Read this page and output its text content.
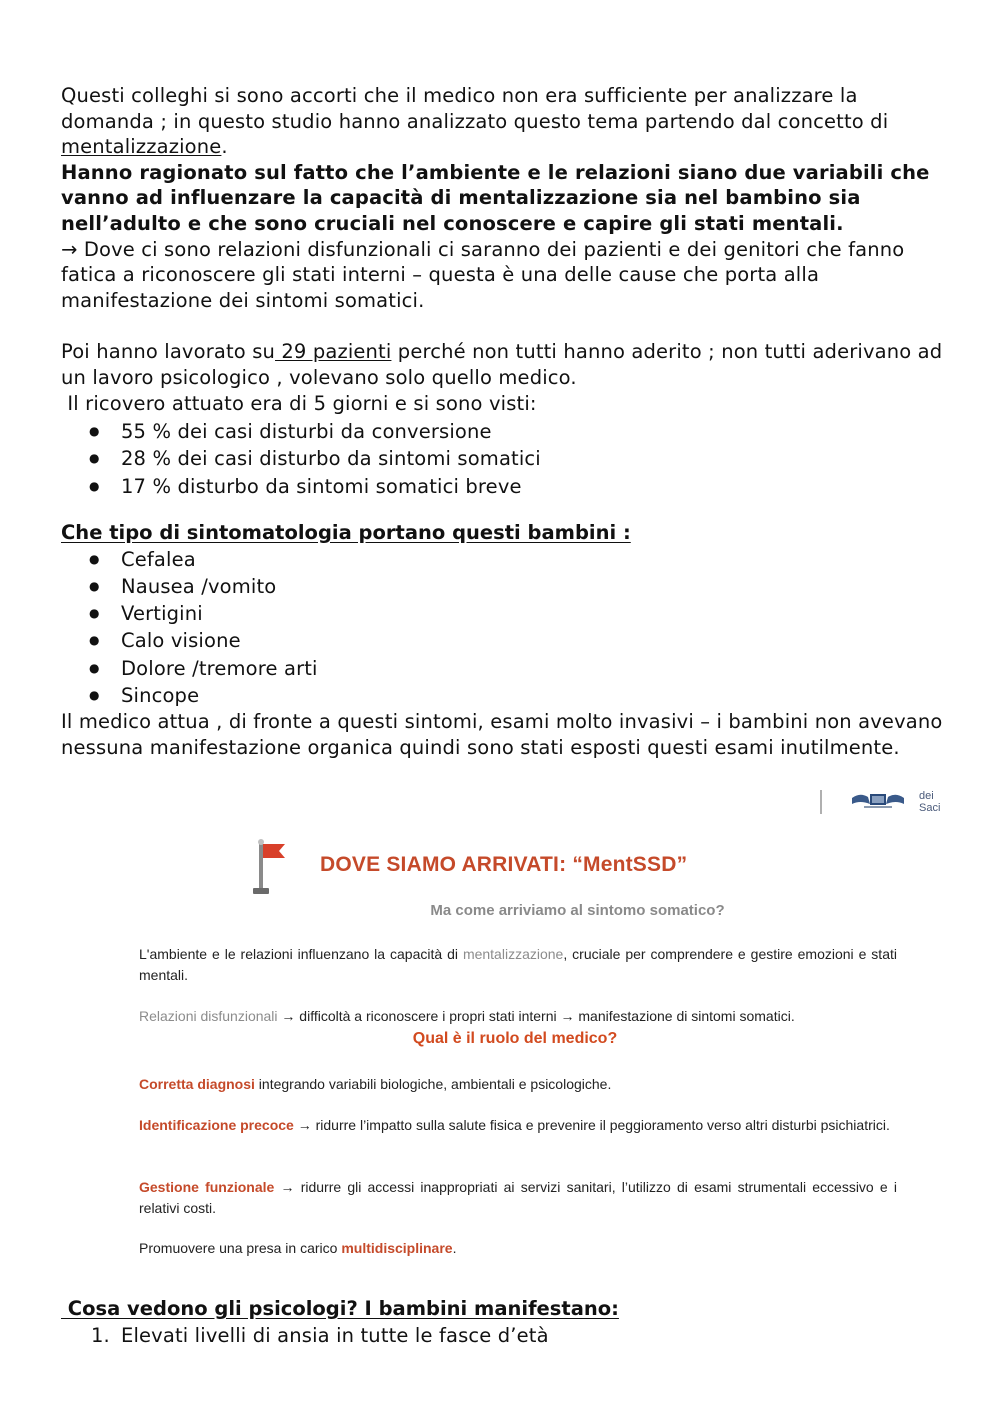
Questi colleghi si sono accorti che il medico non era sufficiente per analizzare la domanda ; in questo studio hanno analizzato questo tema partendo dal concetto di mentalizzazione.

Hanno ragionato sul fatto che l’ambiente e le relazioni siano due variabili che vanno ad influenzare la capacità di mentalizzazione sia nel bambino sia nell’adulto e che sono cruciali nel conoscere e capire gli stati mentali.

→ Dove ci sono relazioni disfunzionali ci saranno dei pazienti e dei genitori che fanno fatica a riconoscere gli stati interni – questa è una delle cause che porta alla manifestazione dei sintomi somatici.

Poi hanno lavorato su 29 pazienti perché non tutti hanno aderito ; non tutti aderivano ad un lavoro psicologico , volevano solo quello medico.

Il ricovero attuato era di 5 giorni e si sono visti:

● 55 % dei casi disturbi da conversione
● 28 % dei casi disturbo da sintomi somatici
● 17 % disturbo da sintomi somatici breve
Che tipo di sintomatologia portano questi bambini :
● Cefalea
● Nausea /vomito
● Vertigini
● Calo visione
● Dolore /tremore arti
● Sincope

Il medico attua , di fronte a questi sintomi, esami molto invasivi – i bambini non avevano nessuna manifestazione organica quindi sono stati esposti questi esami inutilmente.

dei Saci
DOVE SIAMO ARRIVATI: “MentSSD”
Ma come arriviamo al sintomo somatico?
L'ambiente e le relazioni influenzano la capacità di mentalizzazione, cruciale per comprendere e gestire emozioni e stati mentali.
Relazioni disfunzionali → difficoltà a riconoscere i propri stati interni → manifestazione di sintomi somatici.
Qual è il ruolo del medico?
Corretta diagnosi integrando variabili biologiche, ambientali e psicologiche.
Identificazione precoce → ridurre l’impatto sulla salute fisica e prevenire il peggioramento verso altri disturbi psichiatrici.
Gestione funzionale → ridurre gli accessi inappropriati ai servizi sanitari, l’utilizzo di esami strumentali eccessivo e i relativi costi.
Promuovere una presa in carico multidisciplinare.
Cosa vedono gli psicologi? I bambini manifestano:
1. Elevati livelli di ansia in tutte le fasce d’età
